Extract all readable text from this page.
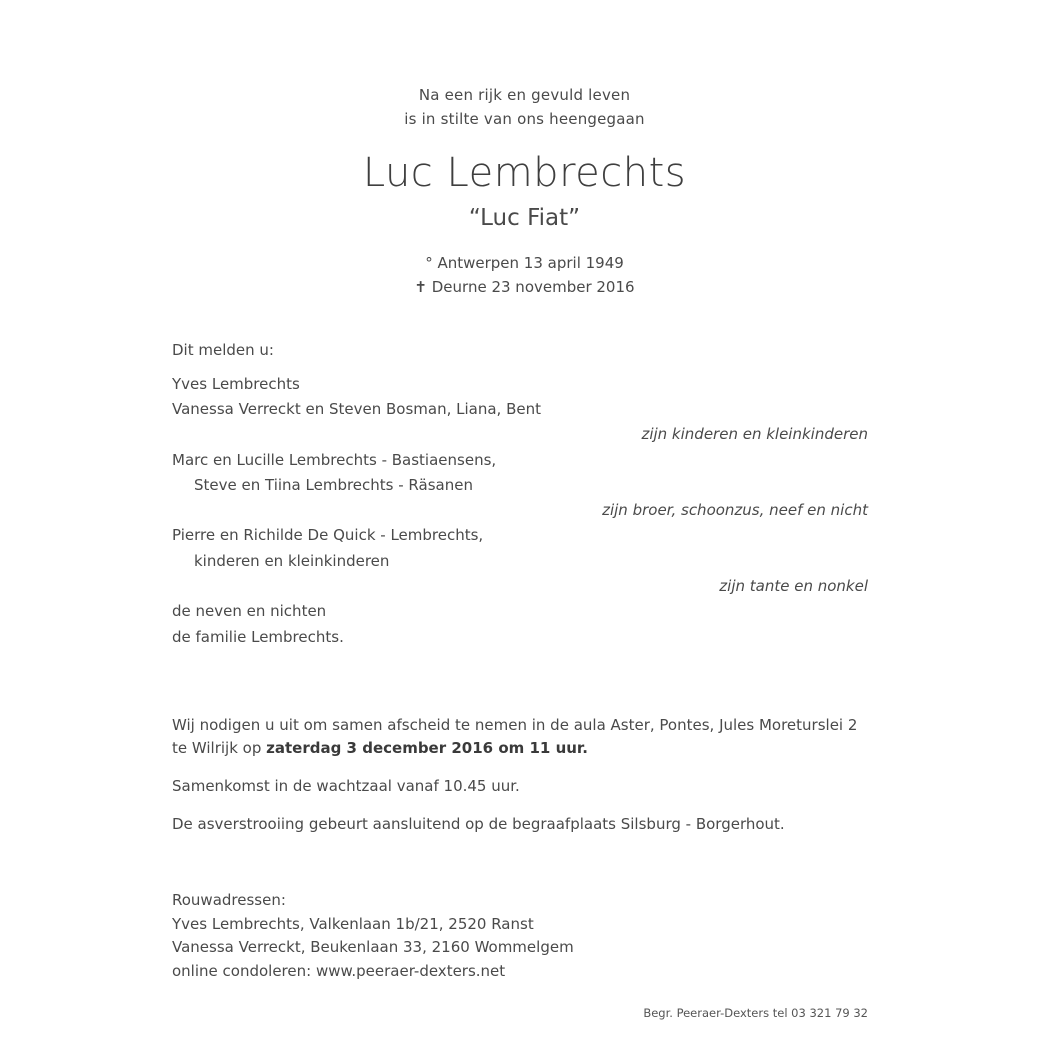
Na een rijk en gevuld leven
is in stilte van ons heengegaan
Luc Lembrechts
“Luc Fiat”
° Antwerpen 13 april 1949
✝ Deurne 23 november 2016
Dit melden u:
Yves Lembrechts
Vanessa Verreckt en Steven Bosman, Liana, Bent
zijn kinderen en kleinkinderen
Marc en Lucille Lembrechts - Bastiaensens,
Steve en Tiina Lembrechts - Räsanen
zijn broer, schoonzus, neef en nicht
Pierre en Richilde De Quick - Lembrechts,
kinderen en kleinkinderen
zijn tante en nonkel
de neven en nichten
de familie Lembrechts.
Wij nodigen u uit om samen afscheid te nemen in de aula Aster, Pontes, Jules Moreturslei 2 te Wilrijk op zaterdag 3 december 2016 om 11 uur.
Samenkomst in de wachtzaal vanaf 10.45 uur.
De asverstrooiing gebeurt aansluitend op de begraafplaats Silsburg - Borgerhout.
Rouwadressen:
Yves Lembrechts, Valkenlaan 1b/21, 2520 Ranst
Vanessa Verreckt, Beukenlaan 33, 2160 Wommelgem
online condoleren: www.peeraer-dexters.net
Begr. Peeraer-Dexters tel 03 321 79 32
